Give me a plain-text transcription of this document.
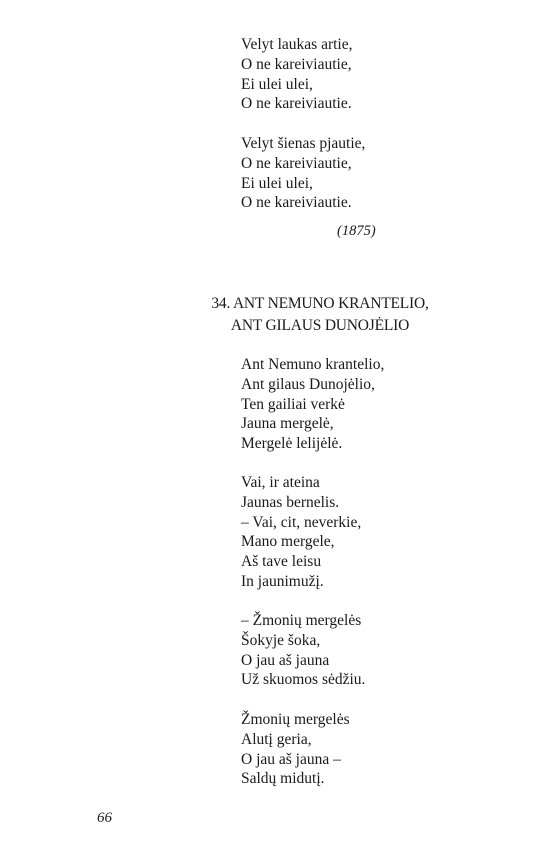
Velyt laukas artie,
O ne kareiviautie,
Ei ulei ulei,
O ne kareiviautie.
Velyt šienas pjautie,
O ne kareiviautie,
Ei ulei ulei,
O ne kareiviautie.
(1875)
34. ANT NEMUNO KRANTELIO,
ANT GILAUS DUNOJĖLIO
Ant Nemuno krantelio,
Ant gilaus Dunojėlio,
Ten gailiai verkė
Jauna mergelė,
Mergelė lelijėlė.
Vai, ir ateina
Jaunas bernelis.
– Vai, cit, neverkie,
Mano mergele,
Aš tave leisu
In jaunimužį.
– Žmonių mergelės
Šokyje šoka,
O jau aš jauna
Už skuomos sėdžiu.
Žmonių mergelės
Alutį geria,
O jau aš jauna –
Saldų midutį.
66
